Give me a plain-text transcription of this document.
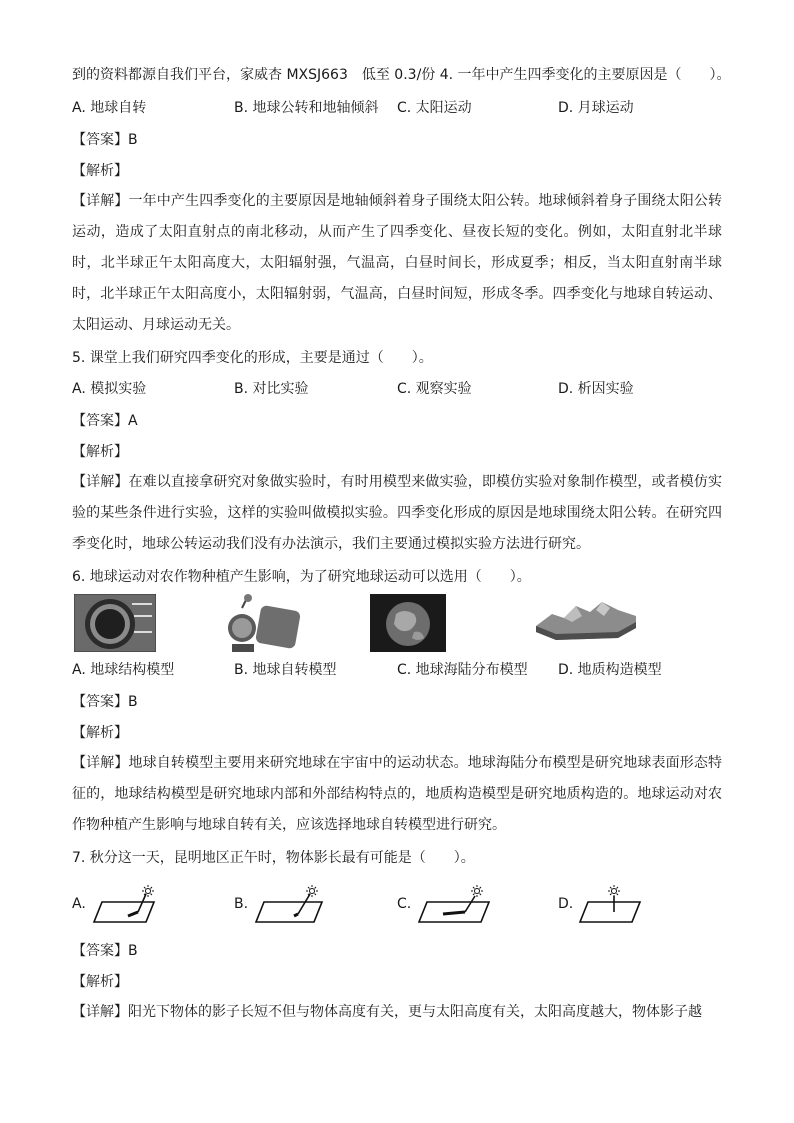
到的资料都源自我们平台，家威杏 MXSJ663　低至 0.3/份 4. 一年中产生四季变化的主要原因是（　　）。
A. 地球自转	B. 地球公转和地轴倾斜 C. 太阳运动	D. 月球运动
【答案】B
【解析】
【详解】一年中产生四季变化的主要原因是地轴倾斜着身子围绕太阳公转。地球倾斜着身子围绕太阳公转运动，造成了太阳直射点的南北移动，从而产生了四季变化、昼夜长短的变化。例如，太阳直射北半球时，北半球正午太阳高度大，太阳辐射强，气温高，白昼时间长，形成夏季；相反，当太阳直射南半球时，北半球正午太阳高度小，太阳辐射弱，气温高，白昼时间短，形成冬季。四季变化与地球自转运动、太阳运动、月球运动无关。
5. 课堂上我们研究四季变化的形成，主要是通过（　　）。
A. 模拟实验	B. 对比实验	C. 观察实验	D. 析因实验
【答案】A
【解析】
【详解】在难以直接拿研究对象做实验时，有时用模型来做实验，即模仿实验对象制作模型，或者模仿实验的某些条件进行实验，这样的实验叫做模拟实验。四季变化形成的原因是地球围绕太阳公转。在研究四季变化时，地球公转运动我们没有办法演示，我们主要通过模拟实验方法进行研究。
6. 地球运动对农作物种植产生影响，为了研究地球运动可以选用（　　）。
A. 地球结构模型	B. 地球自转模型	C. 地球海陆分布模型 D. 地质构造模型
【答案】B
【解析】
【详解】地球自转模型主要用来研究地球在宇宙中的运动状态。地球海陆分布模型是研究地球表面形态特征的，地球结构模型是研究地球内部和外部结构特点的，地质构造模型是研究地质构造的。地球运动对农作物种植产生影响与地球自转有关，应该选择地球自转模型进行研究。
7. 秋分这一天，昆明地区正午时，物体影长最有可能是（　　）。
A.	B.	C.	D.
【答案】B
【解析】
【详解】阳光下物体的影子长短不但与物体高度有关，更与太阳高度有关，太阳高度越大，物体影子越
